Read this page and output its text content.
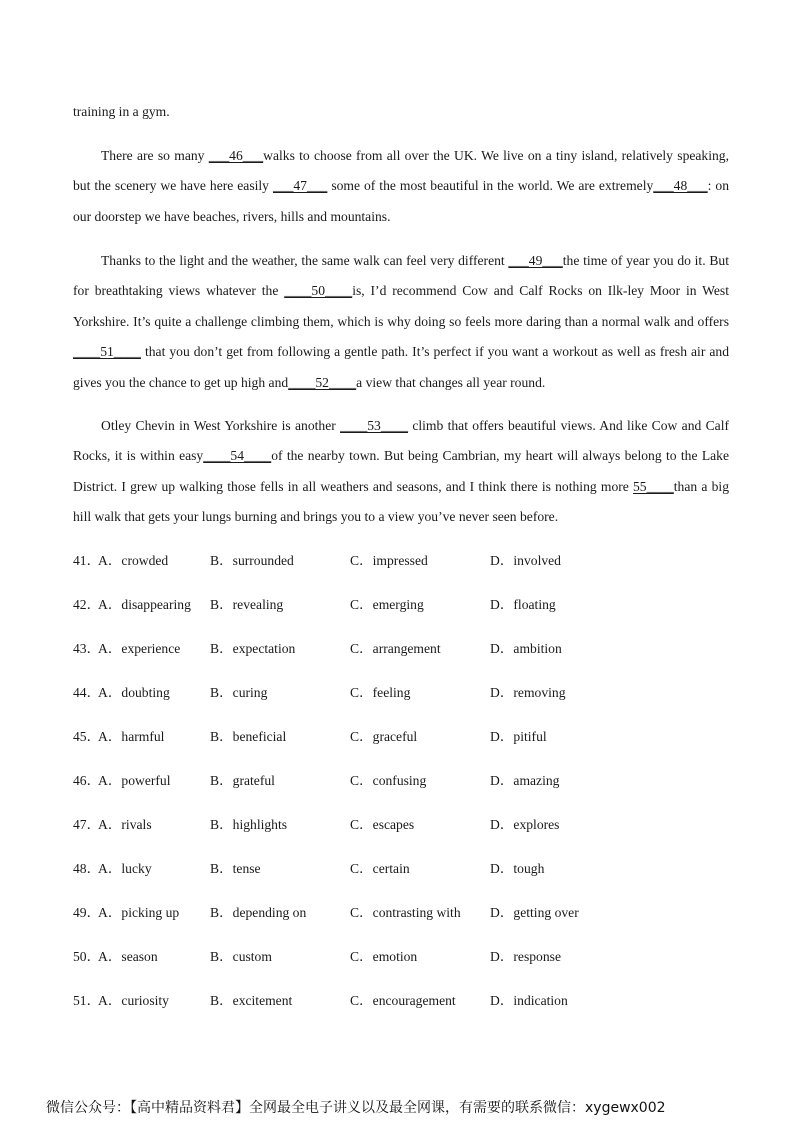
training in a gym.

There are so many ___46___walks to choose from all over the UK. We live on a tiny island, relatively speaking, but the scenery we have here easily ___47___ some of the most beautiful in the world. We are extremely___48___: on our doorstep we have beaches, rivers, hills and mountains.

Thanks to the light and the weather, the same walk can feel very different ___49___the time of year you do it. But for breathtaking views whatever the ____50____is, I’d recommend Cow and Calf Rocks on Ilk-ley Moor in West Yorkshire. It’s quite a challenge climbing them, which is why doing so feels more daring than a normal walk and offers ____51____ that you don’t get from following a gentle path. It’s perfect if you want a workout as well as fresh air and gives you the chance to get up high and____52____a view that changes all year round.

Otley Chevin in West Yorkshire is another ____53____ climb that offers beautiful views. And like Cow and Calf Rocks, it is within easy____54____of the nearby town. But being Cambrian, my heart will always belong to the Lake District. I grew up walking those fells in all weathers and seasons, and I think there is nothing more 55____than a big hill walk that gets your lungs burning and brings you to a view you’ve never seen before.

41．
A．crowded	B．surrounded	C．impressed	D．involved
42．
A．disappearing B．revealing	C．emerging	D．floating
43．
A．experience B．expectation	C．arrangement	D．ambition
44．
A．doubting	B．curing	C．feeling	D．removing
45．
A．harmful	B．beneficial	C．graceful	D．pitiful
46．
A．powerful	B．grateful	C．confusing	D．amazing
47．
A．rivals	B．highlights	C．escapes	D．explores
48．
A．lucky	B．tense	C．certain	D．tough
49．
A．picking up B．depending on	C．contrasting with D．getting over
50．
A．season	B．custom	C．emotion	D．response
51．
A．curiosity	B．excitement	C．encouragement	D．indication
微信公众号：【高中精品资料君】全网最全电子讲义以及最全网课，有需要的联系微信：xygewx002
